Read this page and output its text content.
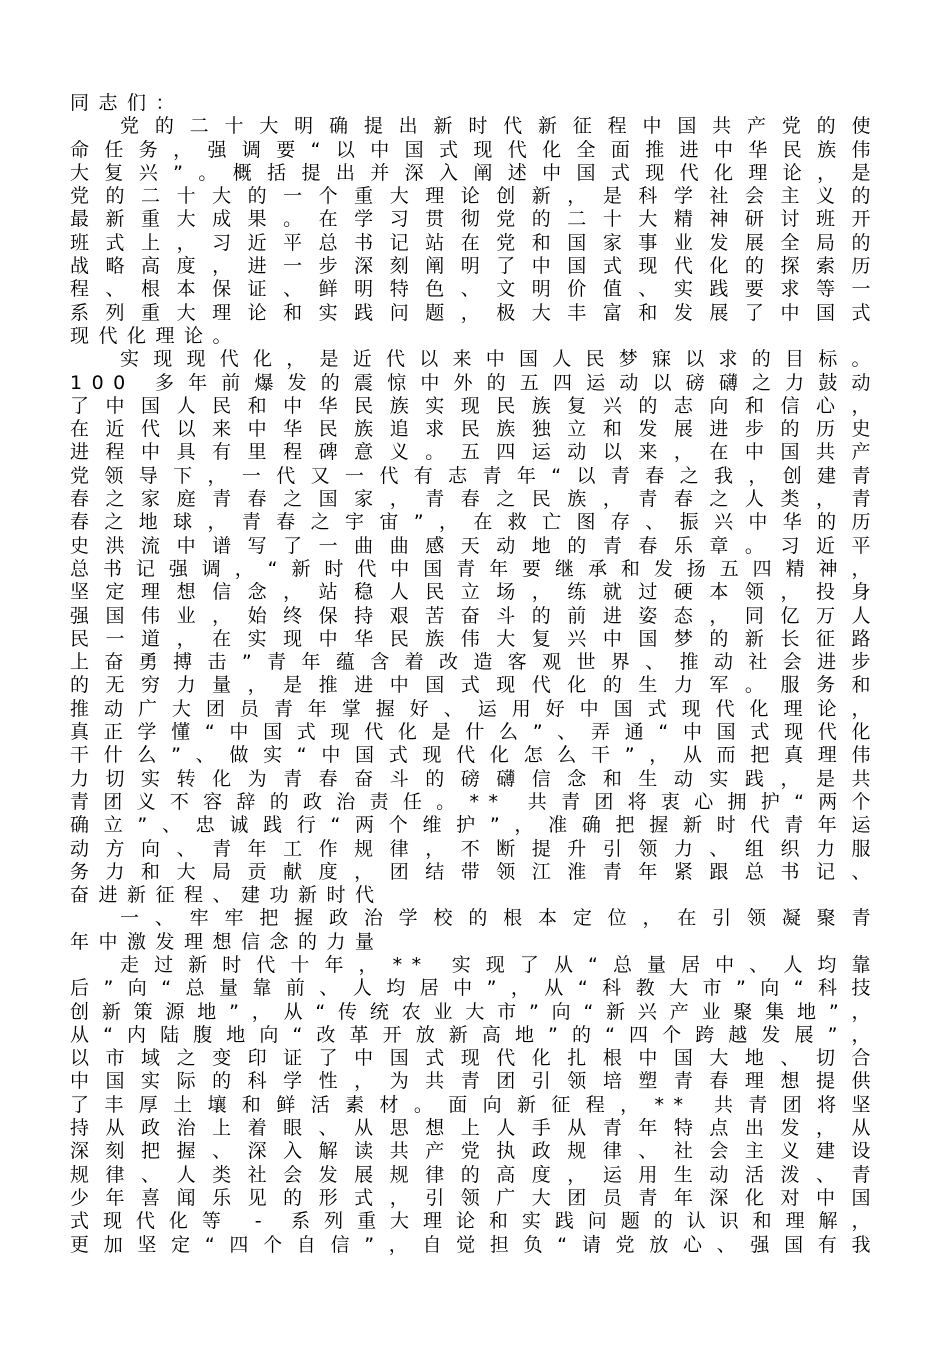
同志们：
党的二十大明确提出新时代新征程中国共产党的使
命任务，强调要“以中国式现代化全面推进中华民族伟
大复兴”。概括提出并深入阐述中国式现代化理论，是
党的二十大的一个重大理论创新，是科学社会主义的
最新重大成果。在学习贯彻党的二十大精神研讨班开
班式上，习近平总书记站在党和国家事业发展全局的
战略高度，进一步深刻阐明了中国式现代化的探索历
程、根本保证、鲜明特色、文明价值、实践要求等一
系列重大理论和实践问题，极大丰富和发展了中国式
现代化理论。
实现现代化，是近代以来中国人民梦寐以求的目标。
100 多年前爆发的震惊中外的五四运动以磅礴之力鼓动
了中国人民和中华民族实现民族复兴的志向和信心，
在近代以来中华民族追求民族独立和发展进步的历史
进程中具有里程碑意义。五四运动以来，在中国共产
党领导下，一代又一代有志青年“以青春之我，创建青
春之家庭青春之国家，青春之民族，青春之人类，青
春之地球，青春之宇宙”，在救亡图存、振兴中华的历
史洪流中谱写了一曲曲感天动地的青春乐章。习近平
总书记强调，“新时代中国青年要继承和发扬五四精神，
坚定理想信念，站稳人民立场，练就过硬本领，投身
强国伟业，始终保持艰苦奋斗的前进姿态，同亿万人
民一道，在实现中华民族伟大复兴中国梦的新长征路
上奋勇搏击”青年蕴含着改造客观世界、推动社会进步
的无穷力量，是推进中国式现代化的生力军。服务和
推动广大团员青年掌握好、运用好中国式现代化理论，
真正学懂“中国式现代化是什么”、弄通“中国式现代化
干什么”、做实“中国式现代化怎么干”，从而把真理伟
力切实转化为青春奋斗的磅礴信念和生动实践，是共
青团义不容辞的政治责任。** 共青团将衷心拥护“两个
确立”、忠诚践行“两个维护”，准确把握新时代青年运
动方向、青年工作规律，不断提升引领力、组织力服
务力和大局贡献度，团结带领江淮青年紧跟总书记、
奋进新征程、建功新时代
一、牢牢把握政治学校的根本定位，在引领凝聚青
年中激发理想信念的力量
走过新时代十年，** 实现了从“总量居中、人均靠
后”向“总量靠前、人均居中”，从“科教大市”向“科技
创新策源地”，从“传统农业大市”向“新兴产业聚集地”，
从“内陆腹地向“改革开放新高地”的“四个跨越发展”，
以市域之变印证了中国式现代化扎根中国大地、切合
中国实际的科学性，为共青团引领培塑青春理想提供
了丰厚土壤和鲜活素材。面向新征程，** 共青团将坚
持从政治上着眼、从思想上人手从青年特点出发，从
深刻把握、深入解读共产党执政规律、社会主义建设
规律、人类社会发展规律的高度，运用生动活泼、青
少年喜闻乐见的形式，引领广大团员青年深化对中国
式现代化等 - 系列重大理论和实践问题的认识和理解，
更加坚定“四个自信”，自觉担负“请党放心、强国有我
